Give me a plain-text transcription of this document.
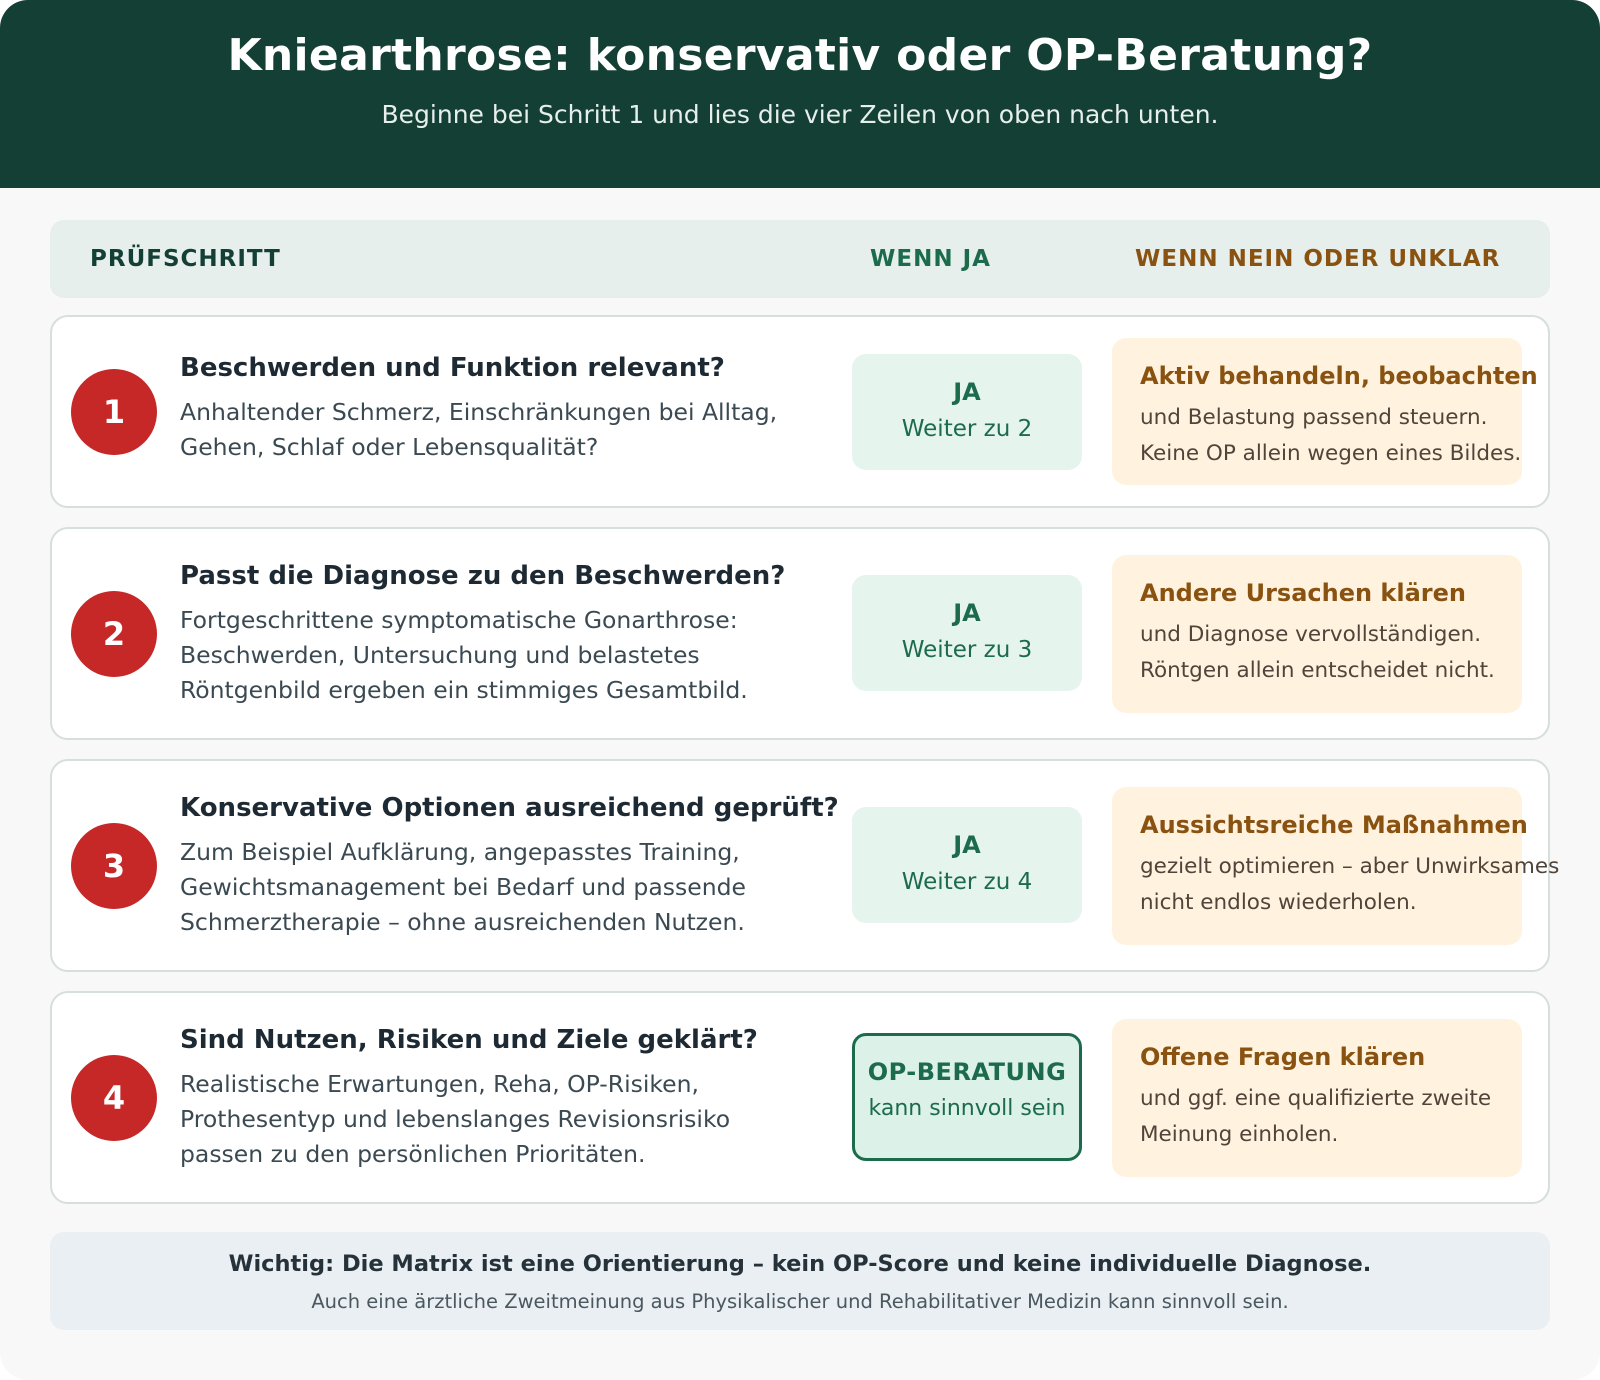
Kniearthrose: konservativ oder OP-Beratung?
Beginne bei Schritt 1 und lies die vier Zeilen von oben nach unten.
PRÜFSCHRITT	WENN JA	WENN NEIN ODER UNKLAR
1
Beschwerden und Funktion relevant?
Anhaltender Schmerz, Einschränkungen bei Alltag,
Gehen, Schlaf oder Lebensqualität?
JA
Weiter zu 2
Aktiv behandeln, beobachten
und Belastung passend steuern.
Keine OP allein wegen eines Bildes.
2
Passt die Diagnose zu den Beschwerden?
Fortgeschrittene symptomatische Gonarthrose:
Beschwerden, Untersuchung und belastetes
Röntgenbild ergeben ein stimmiges Gesamtbild.
JA
Weiter zu 3
Andere Ursachen klären
und Diagnose vervollständigen.
Röntgen allein entscheidet nicht.
3
Konservative Optionen ausreichend geprüft?
Zum Beispiel Aufklärung, angepasstes Training,
Gewichtsmanagement bei Bedarf und passende
Schmerztherapie – ohne ausreichenden Nutzen.
JA
Weiter zu 4
Aussichtsreiche Maßnahmen
gezielt optimieren – aber Unwirksames
nicht endlos wiederholen.
4
Sind Nutzen, Risiken und Ziele geklärt?
Realistische Erwartungen, Reha, OP-Risiken,
Prothesentyp und lebenslanges Revisionsrisiko
passen zu den persönlichen Prioritäten.
OP-BERATUNG
kann sinnvoll sein
Offene Fragen klären
und ggf. eine qualifizierte zweite
Meinung einholen.
Wichtig: Die Matrix ist eine Orientierung – kein OP-Score und keine individuelle Diagnose.
Auch eine ärztliche Zweitmeinung aus Physikalischer und Rehabilitativer Medizin kann sinnvoll sein.
